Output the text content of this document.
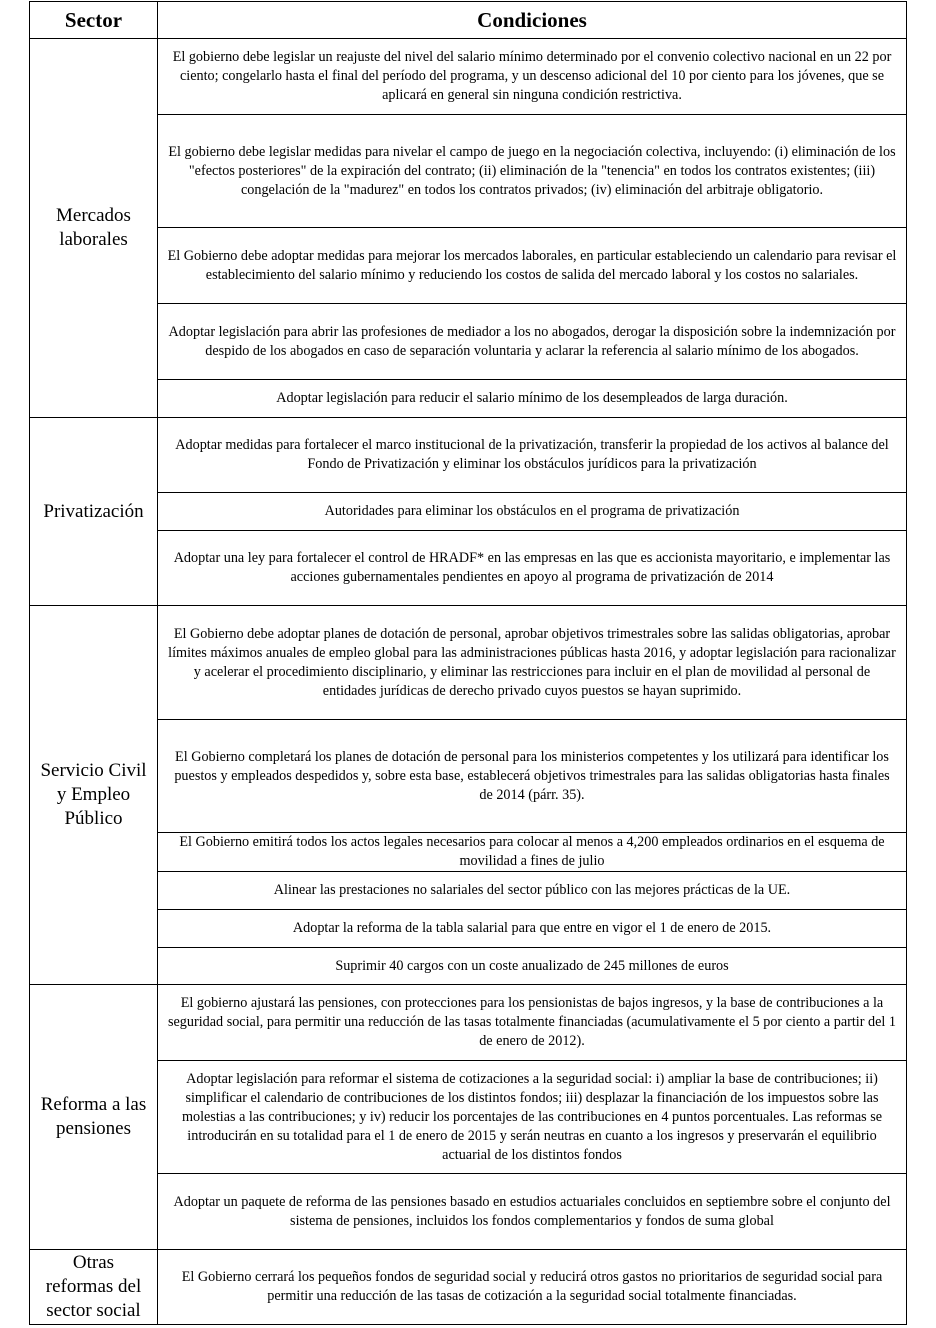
Sector	Condiciones
Mercados laborales	El gobierno debe legislar un reajuste del nivel del salario mínimo determinado por el convenio colectivo nacional en un 22 por ciento; congelarlo hasta el final del período del programa, y un descenso adicional del 10 por ciento para los jóvenes, que se aplicará en general sin ninguna condición restrictiva.
	El gobierno debe legislar medidas para nivelar el campo de juego en la negociación colectiva, incluyendo: (i) eliminación de los "efectos posteriores" de la expiración del contrato; (ii) eliminación de la "tenencia" en todos los contratos existentes; (iii) congelación de la "madurez" en todos los contratos privados; (iv) eliminación del arbitraje obligatorio.
	El Gobierno debe adoptar medidas para mejorar los mercados laborales, en particular estableciendo un calendario para revisar el establecimiento del salario mínimo y reduciendo los costos de salida del mercado laboral y los costos no salariales.
	Adoptar legislación para abrir las profesiones de mediador a los no abogados, derogar la disposición sobre la indemnización por despido de los abogados en caso de separación voluntaria y aclarar la referencia al salario mínimo de los abogados.
	Adoptar legislación para reducir el salario mínimo de los desempleados de larga duración.
Privatización	Adoptar medidas para fortalecer el marco institucional de la privatización, transferir la propiedad de los activos al balance del Fondo de Privatización y eliminar los obstáculos jurídicos para la privatización
	Autoridades para eliminar los obstáculos en el programa de privatización
	Adoptar una ley para fortalecer el control de HRADF* en las empresas en las que es accionista mayoritario, e implementar las acciones gubernamentales pendientes en apoyo al programa de privatización de 2014
Servicio Civil y Empleo Público	El Gobierno debe adoptar planes de dotación de personal, aprobar objetivos trimestrales sobre las salidas obligatorias, aprobar límites máximos anuales de empleo global para las administraciones públicas hasta 2016, y adoptar legislación para racionalizar y acelerar el procedimiento disciplinario, y eliminar las restricciones para incluir en el plan de movilidad al personal de entidades jurídicas de derecho privado cuyos puestos se hayan suprimido.
	El Gobierno completará los planes de dotación de personal para los ministerios competentes y los utilizará para identificar los puestos y empleados despedidos y, sobre esta base, establecerá objetivos trimestrales para las salidas obligatorias hasta finales de 2014 (párr. 35).
	El Gobierno emitirá todos los actos legales necesarios para colocar al menos a 4,200 empleados ordinarios en el esquema de movilidad a fines de julio
	Alinear las prestaciones no salariales del sector público con las mejores prácticas de la UE.
	Adoptar la reforma de la tabla salarial para que entre en vigor el 1 de enero de 2015.
	Suprimir 40 cargos con un coste anualizado de 245 millones de euros
Reforma a las pensiones	El gobierno ajustará las pensiones, con protecciones para los pensionistas de bajos ingresos, y la base de contribuciones a la seguridad social, para permitir una reducción de las tasas totalmente financiadas (acumulativamente el 5 por ciento a partir del 1 de enero de 2012).
	Adoptar legislación para reformar el sistema de cotizaciones a la seguridad social: i) ampliar la base de contribuciones; ii) simplificar el calendario de contribuciones de los distintos fondos; iii) desplazar la financiación de los impuestos sobre las molestias a las contribuciones; y iv) reducir los porcentajes de las contribuciones en 4 puntos porcentuales. Las reformas se introducirán en su totalidad para el 1 de enero de 2015 y serán neutras en cuanto a los ingresos y preservarán el equilibrio actuarial de los distintos fondos
	Adoptar un paquete de reforma de las pensiones basado en estudios actuariales concluidos en septiembre sobre el conjunto del sistema de pensiones, incluidos los fondos complementarios y fondos de suma global
Otras reformas del sector social	El Gobierno cerrará los pequeños fondos de seguridad social y reducirá otros gastos no prioritarios de seguridad social para permitir una reducción de las tasas de cotización a la seguridad social totalmente financiadas.
